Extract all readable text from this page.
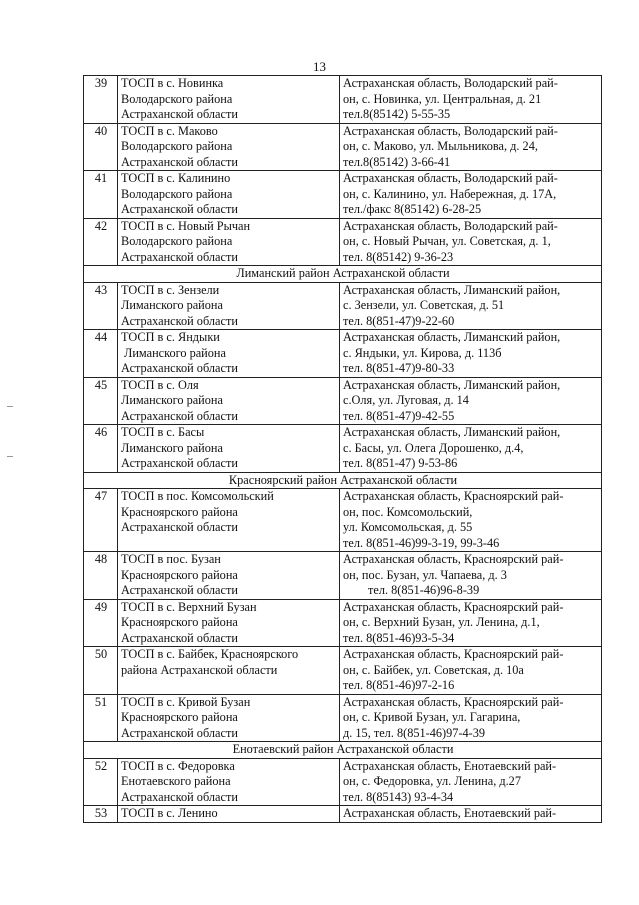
13
39	ТОСП в с. Новинка
Володарского района
Астраханской области	Астраханская область, Володарский рай-
он, с. Новинка, ул. Центральная, д. 21
тел.8(85142) 5-55-35

40	ТОСП в с. Маково
Володарского района
Астраханской области	Астраханская область, Володарский рай-
он, с. Маково, ул. Мыльникова, д. 24,
тел.8(85142) 3-66-41

41	ТОСП в с. Калинино
Володарского района
Астраханской области	Астраханская область, Володарский рай-
он, с. Калинино, ул. Набережная, д. 17А,
тел./факс 8(85142) 6-28-25

42	ТОСП в с. Новый Рычан
Володарского района
Астраханской области	Астраханская область, Володарский рай-
он, с. Новый Рычан, ул. Советская, д. 1,
тел. 8(85142) 9-36-23

Лиманский район Астраханской области		
43	ТОСП в с. Зензели
Лиманского района
Астраханской области	Астраханская область, Лиманский район,
с. Зензели, ул. Советская, д. 51
тел. 8(851-47)9-22-60

44	ТОСП в с. Яндыки
Лиманского района
Астраханской области	Астраханская область, Лиманский район,
с. Яндыки, ул. Кирова, д. 113б
тел. 8(851-47)9-80-33

45	ТОСП в с. Оля
Лиманского района
Астраханской области	Астраханская область, Лиманский район,
с.Оля, ул. Луговая, д. 14
тел. 8(851-47)9-42-55

46	ТОСП в с. Басы
Лиманского района
Астраханской области	Астраханская область, Лиманский район,
с. Басы, ул. Олега Дорошенко, д.4,
тел. 8(851-47) 9-53-86

Красноярский район Астраханской области		
47	ТОСП в пос. Комсомольский
Красноярского района
Астраханской области	Астраханская область, Красноярский рай-
он, пос. Комсомольский,
ул. Комсомольская, д. 55
тел. 8(851-46)99-3-19, 99-3-46

48	ТОСП в пос. Бузан
Красноярского района
Астраханской области	Астраханская область, Красноярский рай-
он, пос. Бузан, ул. Чапаева, д. 3
тел. 8(851-46)96-8-39

49	ТОСП в с. Верхний Бузан
Красноярского района
Астраханской области	Астраханская область, Красноярский рай-
он, с. Верхний Бузан, ул. Ленина, д.1,
тел. 8(851-46)93-5-34

50	ТОСП в с. Байбек, Красноярского
района Астраханской области	Астраханская область, Красноярский рай-
он, с. Байбек, ул. Советская, д. 10а
тел. 8(851-46)97-2-16

51	ТОСП в с. Кривой Бузан
Красноярского района
Астраханской области	Астраханская область, Красноярский рай-
он, с. Кривой Бузан, ул. Гагарина,
д. 15, тел. 8(851-46)97-4-39

Енотаевский район Астраханской области		
52	ТОСП в с. Федоровка
Енотаевского района
Астраханской области	Астраханская область, Енотаевский рай-
он, с. Федоровка, ул. Ленина, д.27
тел. 8(85143) 93-4-34

53	ТОСП в с. Ленино	Астраханская область, Енотаевский рай-
